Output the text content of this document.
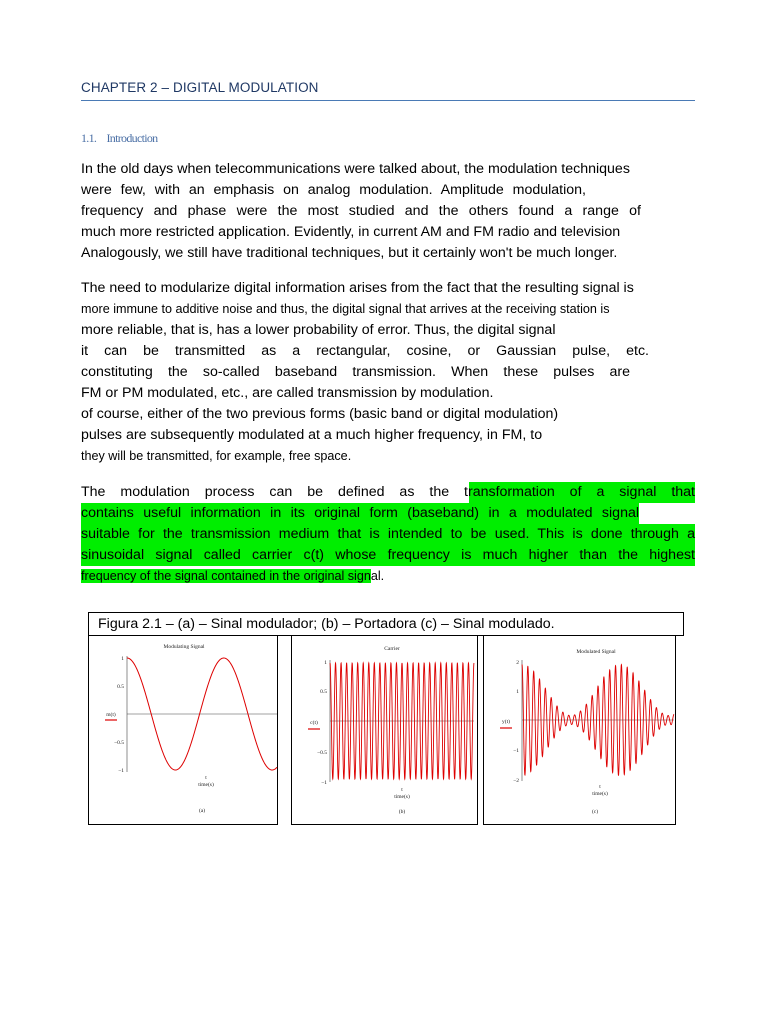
CHAPTER 2 – DIGITAL MODULATION
1.1. Introduction
In the old days when telecommunications were talked about, the modulation techniques
were few, with an emphasis on analog modulation. Amplitude modulation,
frequency and phase were the most studied and the others found a range of
much more restricted application. Evidently, in current AM and FM radio and television
Analogously, we still have traditional techniques, but it certainly won't be much longer.
The need to modularize digital information arises from the fact that the resulting signal is
more immune to additive noise and thus, the digital signal that arrives at the receiving station is
more reliable, that is, has a lower probability of error. Thus, the digital signal
it can be transmitted as a rectangular, cosine, or Gaussian pulse, etc.
constituting the so-called baseband transmission. When these pulses are
FM or PM modulated, etc., are called transmission by modulation.
of course, either of the two previous forms (basic band or digital modulation)
pulses are subsequently modulated at a much higher frequency, in FM, to
they will be transmitted, for example, free space.
The modulation process can be defined as the transformation of a signal that
contains useful information in its original form (baseband) in a modulated signal
suitable for the transmission medium that is intended to be used. This is done through a
sinusoidal signal called carrier c(t) whose frequency is much higher than the highest
frequency of the signal contained in the original signal.
Figura 2.1 – (a) – Sinal modulador; (b) – Portadora (c) – Sinal modulado.
Modulating Signal
1
0.5
−0.5
−1
m(t)
t
time(s)
(a)
Carrier
1
0.5
−0.5
−1
c(t)
t
time(s)
(b)
Modulated Signal
2
1
−1
−2
y(t)
t
time(s)
(c)
